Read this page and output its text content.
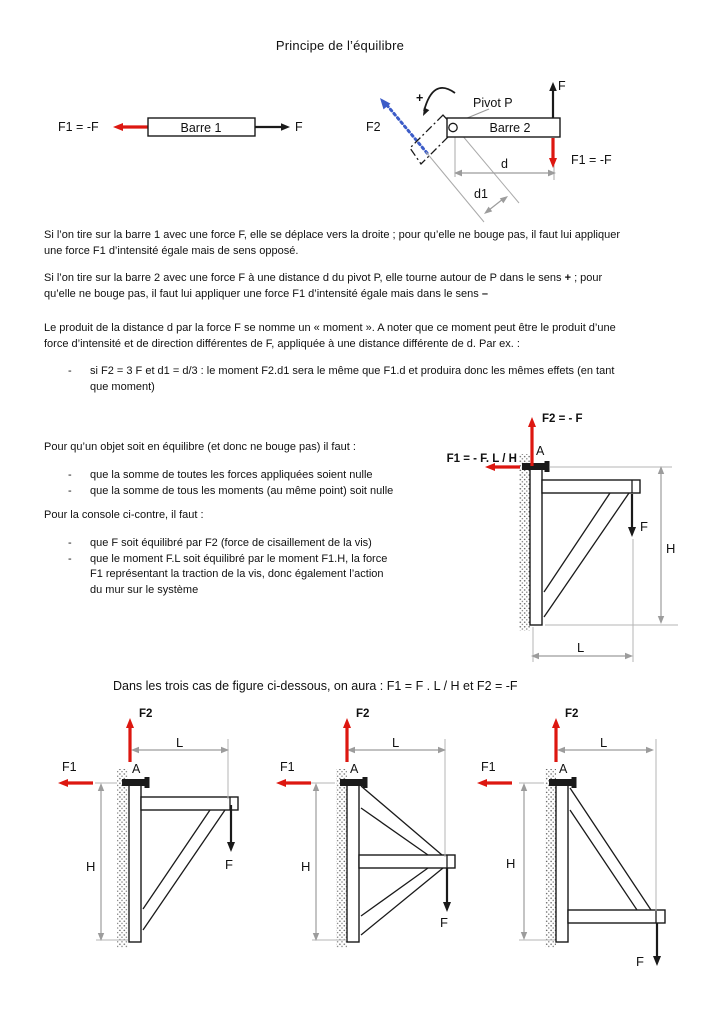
F1 = -F	Barre 1	F
+	Pivot P
F2
d1
d
Barre 2
F
F1 = -F
F
H
L
F2 = - F
A
F1 = - F. L / H
F
L
F2
A
F1
H
F
L
F2
A
F1
H
F
L
F2
A
F1
H
Principe de l’équilibre
Si l’on tire sur la barre 1 avec une force F, elle se déplace vers la droite ; pour qu’elle ne bouge pas, il faut lui appliquer
une force F1 d’intensité égale mais de sens opposé.
Si l’on tire sur la barre 2 avec une force F à une distance d du pivot P, elle tourne autour de P dans le sens + ; pour
qu’elle ne bouge pas, il faut lui appliquer une force F1 d’intensité égale mais dans le sens –
Le produit de la distance d par la force F se nomme un « moment ». A noter que ce moment peut être le produit d’une
force d’intensité et de direction différentes de F, appliquée à une distance différente de d. Par ex. :
-	si F2 = 3 F et d1 = d/3 : le moment F2.d1 sera le même que F1.d et produira donc les mêmes effets (en tant
que moment)
Pour qu’un objet soit en équilibre (et donc ne bouge pas) il faut :
-	que la somme de toutes les forces appliquées soient nulle
-	que la somme de tous les moments (au même point) soit nulle
Pour la console ci-contre, il faut :
-	que F soit équilibré par F2 (force de cisaillement de la vis)
-	que le moment F.L soit équilibré par le moment F1.H, la force
F1 représentant la traction de la vis, donc également l’action
du mur sur le système
Dans les trois cas de figure ci-dessous, on aura : F1 = F . L / H et F2 = -F
